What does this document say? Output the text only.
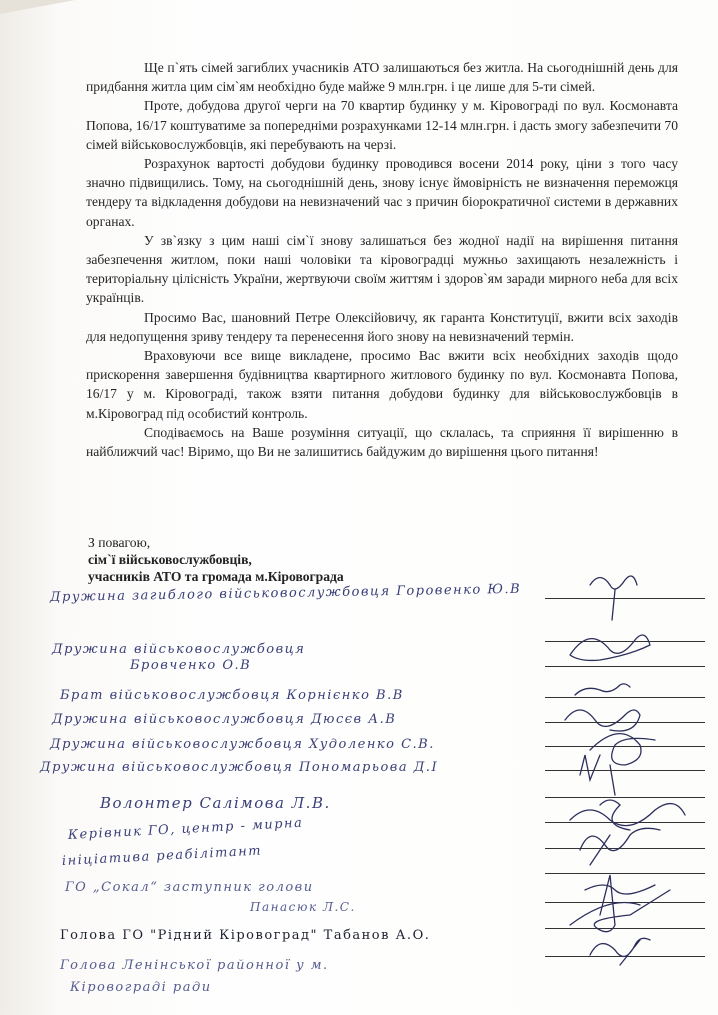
Ще п`ять сімей загиблих учасників АТО залишаються без житла. На сьогоднішній день для придбання житла цим сім`ям необхідно буде майже 9 млн.грн. і це лише для 5-ти сімей.

Проте, добудова другої черги на 70 квартир будинку у м. Кіровограді по вул. Космонавта Попова, 16/17 коштуватиме за попередніми розрахунками 12-14 млн.грн. і дасть змогу забезпечити 70 сімей військовослужбовців, які перебувають на черзі.

Розрахунок вартості добудови будинку проводився восени 2014 року, ціни з того часу значно підвищились. Тому, на сьогоднішній день, знову існує ймовірність не визначення переможця тендеру та відкладення добудови на невизначений час з причин біорократичної системи в державних органах.

У зв`язку з цим наші сім`ї знову залишаться без жодної надії на вирішення питання забезпечення житлом, поки наші чоловіки та кіровоградці мужньо захищають незалежність і територіальну цілісність України, жертвуючи своїм життям і здоров`ям заради мирного неба для всіх українців.

Просимо Вас, шановний Петре Олексійовичу, як гаранта Конституції, вжити всіх заходів для недопущення зриву тендеру та перенесення його знову на невизначений термін.

Враховуючи все вище викладене, просимо Вас вжити всіх необхідних заходів щодо прискорення завершення будівництва квартирного житлового будинку по вул. Космонавта Попова, 16/17 у м. Кіровограді, також взяти питання добудови будинку для військовослужбовців в м.Кіровоград під особистий контроль.

Сподіваємось на Ваше розуміння ситуації, що склалась, та сприяння її вирішенню в найближчий час! Віримо, що Ви не залишитись байдужим до вирішення цього питання!

З повагою,
сім`ї військовослужбовців,
учасників АТО та громада м.Кіровограда
Дружина загиблого військовослужбовця Горовенко Ю.В
Дружина військовослужбовця
Бровченко О.В
Брат військовослужбовця Корнієнко В.В
Дружина військовослужбовця Дюсєв А.В
Дружина військовослужбовця Худоленко С.В.
Дружина військовослужбовця Пономарьова Д.І
Волонтер Салімова Л.В.
Керівник ГО, центр - мирна
ініціатива реабілітант
ГО „Сокал“ заступник голови
Панасюк Л.С.
Голова ГО "Рідний Кіровоград" Табанов А.О.
Голова Ленінської районної у м.
Кіровограді ради
